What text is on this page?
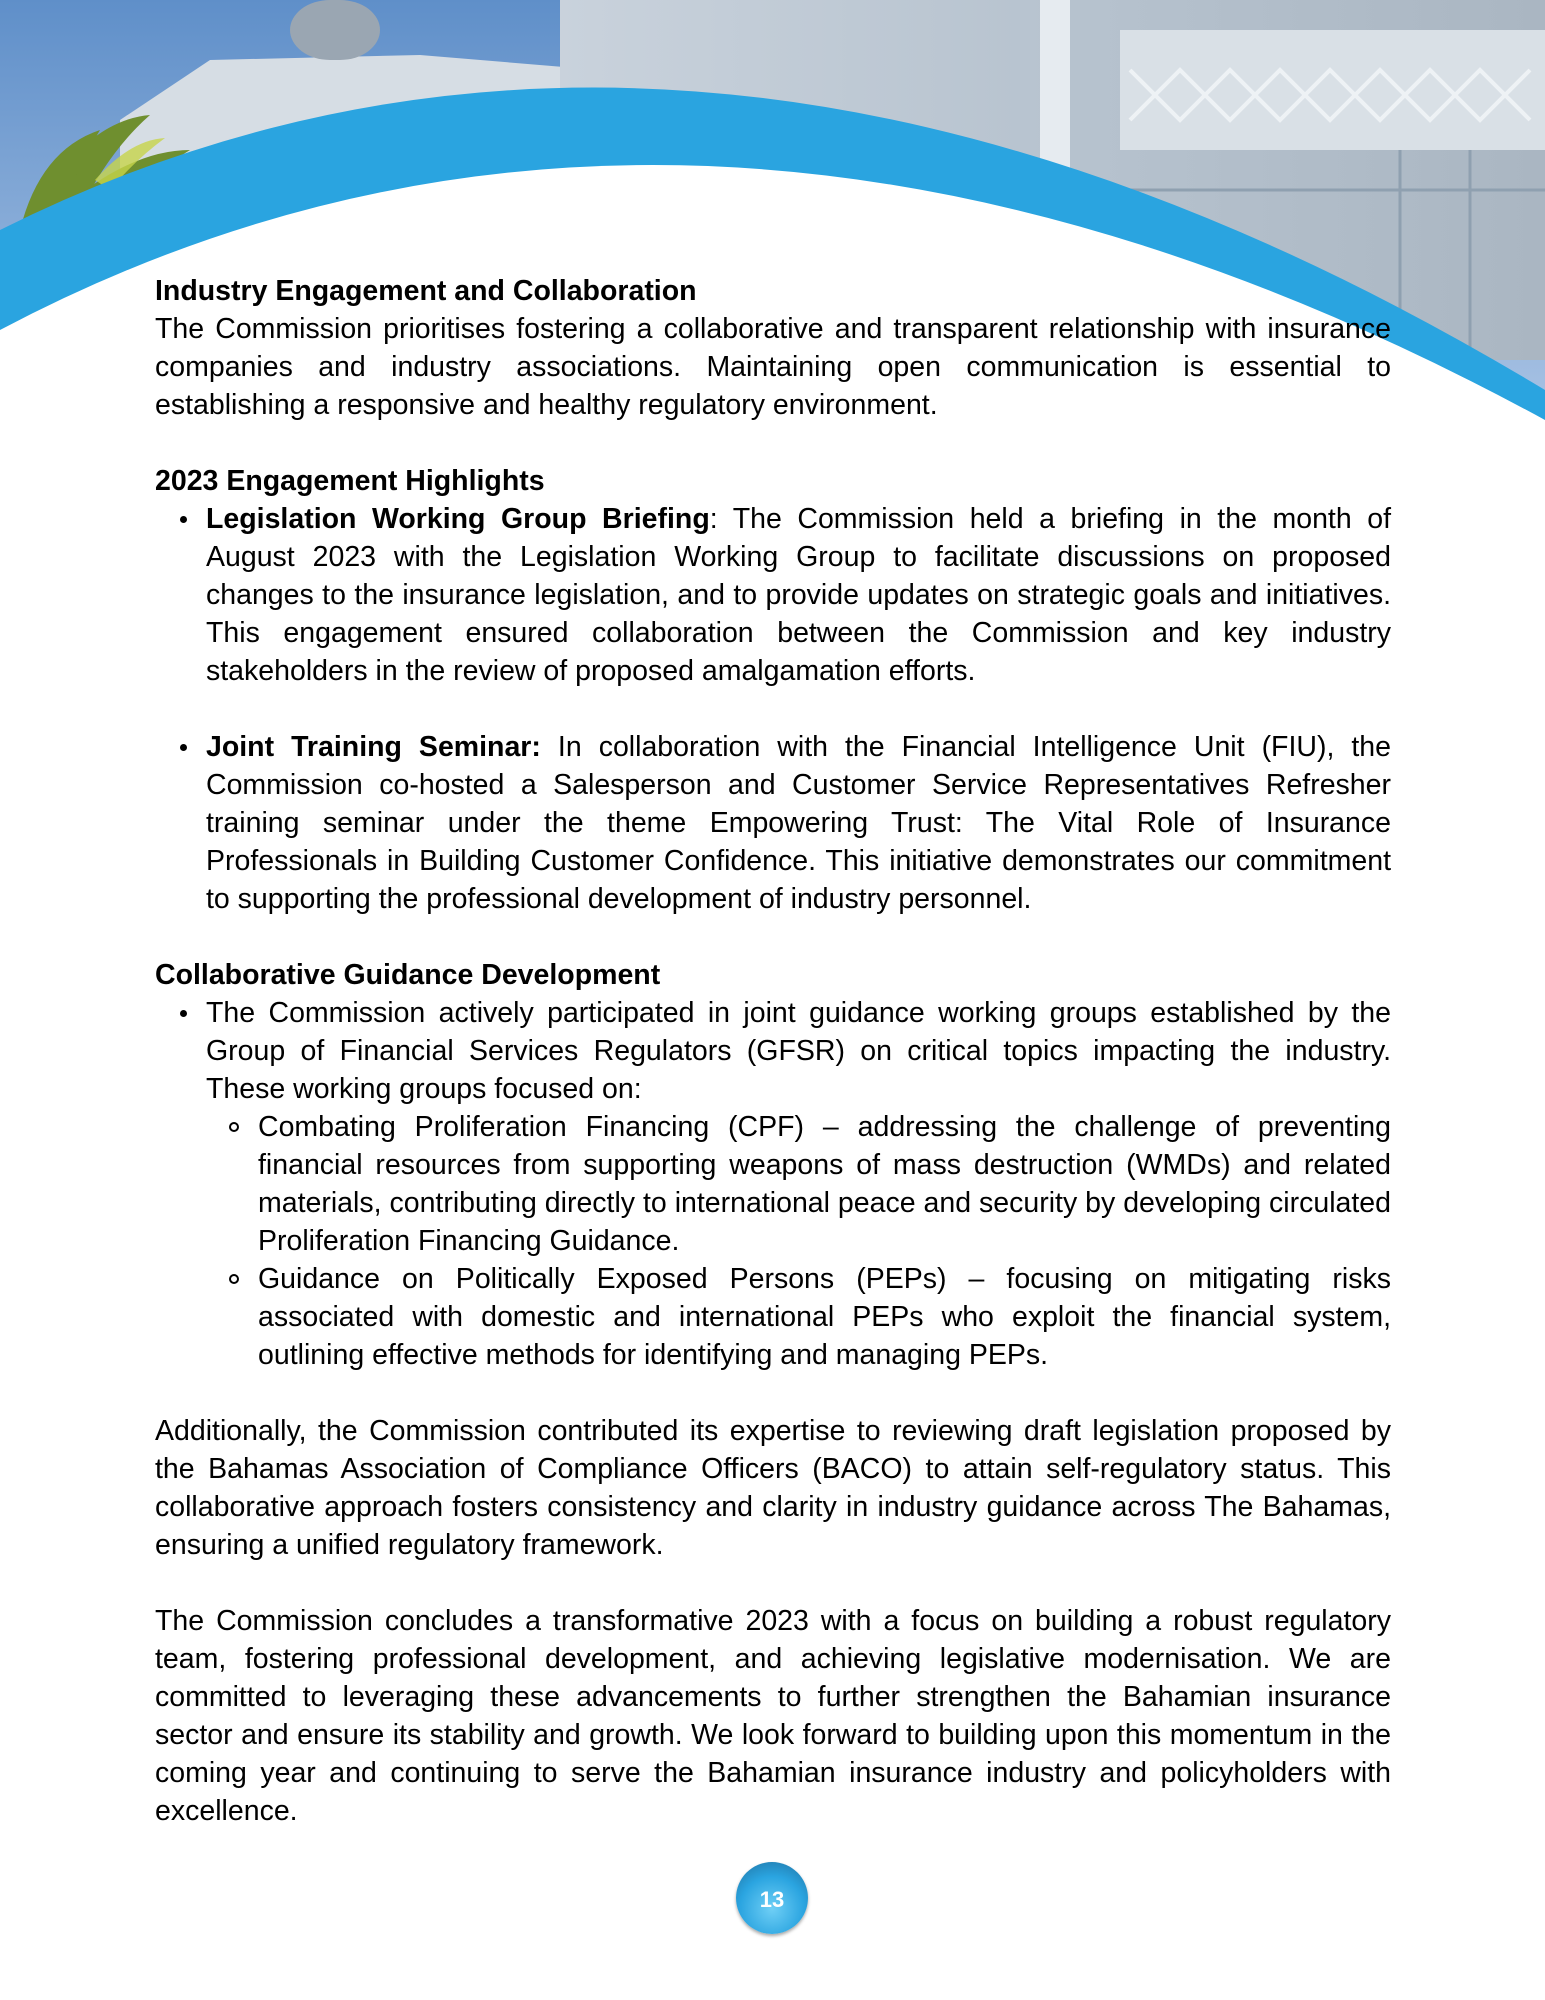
Industry Engagement and Collaboration

The Commission prioritises fostering a collaborative and transparent relationship with insurance companies and industry associations. Maintaining open communication is essential to establishing a responsive and healthy regulatory environment.

2023 Engagement Highlights
Legislation Working Group Briefing: The Commission held a briefing in the month of August 2023 with the Legislation Working Group to facilitate discussions on proposed changes to the insurance legislation, and to provide updates on strategic goals and initiatives. This engagement ensured collaboration between the Commission and key industry stakeholders in the review of proposed amalgamation efforts.
Joint Training Seminar: In collaboration with the Financial Intelligence Unit (FIU), the Commission co-hosted a Salesperson and Customer Service Representatives Refresher training seminar under the theme Empowering Trust: The Vital Role of Insurance Professionals in Building Customer Confidence. This initiative demonstrates our commitment to supporting the professional development of industry personnel.
Collaborative Guidance Development
The Commission actively participated in joint guidance working groups established by the Group of Financial Services Regulators (GFSR) on critical topics impacting the industry. These working groups focused on:
Combating Proliferation Financing (CPF) – addressing the challenge of preventing financial resources from supporting weapons of mass destruction (WMDs) and related materials, contributing directly to international peace and security by developing circulated Proliferation Financing Guidance.
Guidance on Politically Exposed Persons (PEPs) – focusing on mitigating risks associated with domestic and international PEPs who exploit the financial system, outlining effective methods for identifying and managing PEPs.

Additionally, the Commission contributed its expertise to reviewing draft legislation proposed by the Bahamas Association of Compliance Officers (BACO) to attain self-regulatory status. This collaborative approach fosters consistency and clarity in industry guidance across The Bahamas, ensuring a unified regulatory framework.

The Commission concludes a transformative 2023 with a focus on building a robust regulatory team, fostering professional development, and achieving legislative modernisation. We are committed to leveraging these advancements to further strengthen the Bahamian insurance sector and ensure its stability and growth. We look forward to building upon this momentum in the coming year and continuing to serve the Bahamian insurance industry and policyholders with excellence.

13
